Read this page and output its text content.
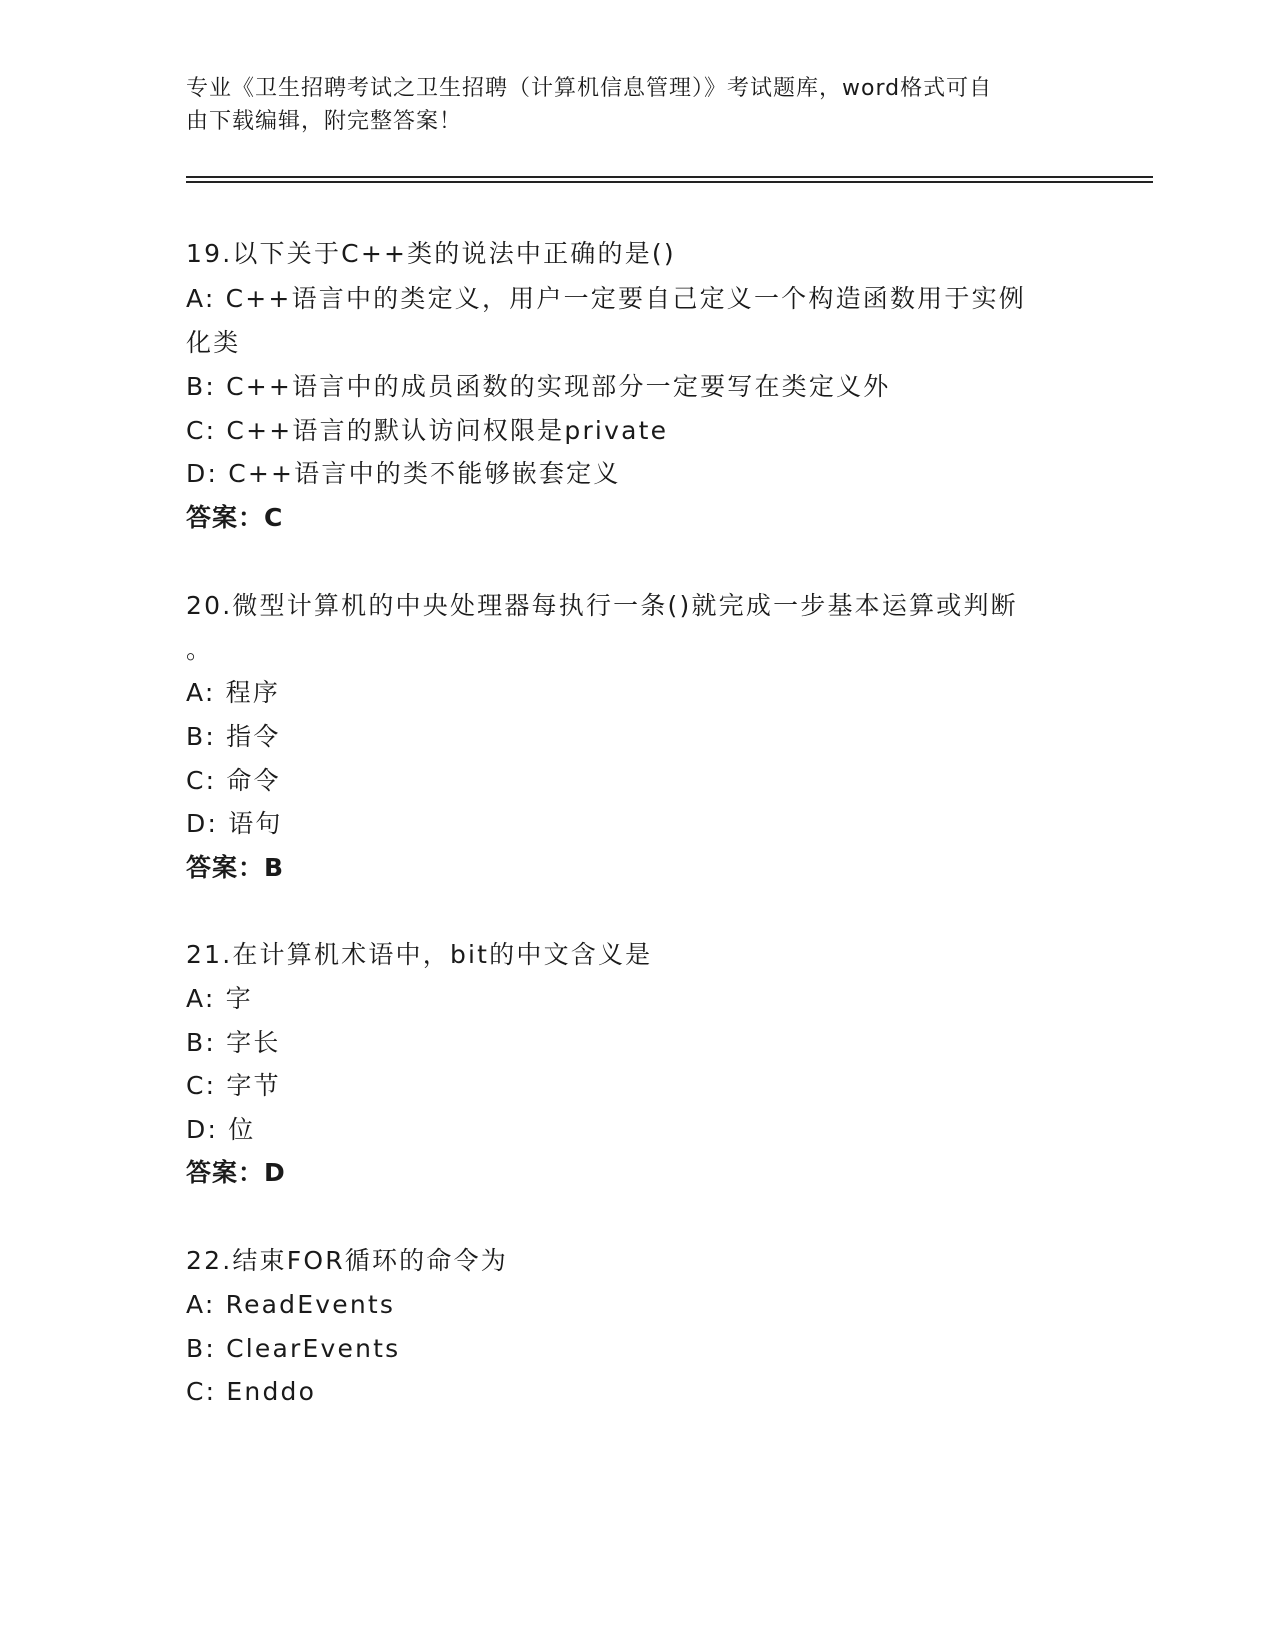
专业《卫生招聘考试之卫生招聘（计算机信息管理）》考试题库，word格式可自
由下载编辑，附完整答案！
19.以下关于C++类的说法中正确的是()
A: C++语言中的类定义，用户一定要自己定义一个构造函数用于实例
化类
B: C++语言中的成员函数的实现部分一定要写在类定义外
C: C++语言的默认访问权限是private
D: C++语言中的类不能够嵌套定义
答案：C
20.微型计算机的中央处理器每执行一条()就完成一步基本运算或判断
。
A: 程序
B: 指令
C: 命令
D: 语句
答案：B
21.在计算机术语中，bit的中文含义是
A: 字
B: 字长
C: 字节
D: 位
答案：D
22.结束FOR循环的命令为
A: ReadEvents
B: ClearEvents
C: Enddo
